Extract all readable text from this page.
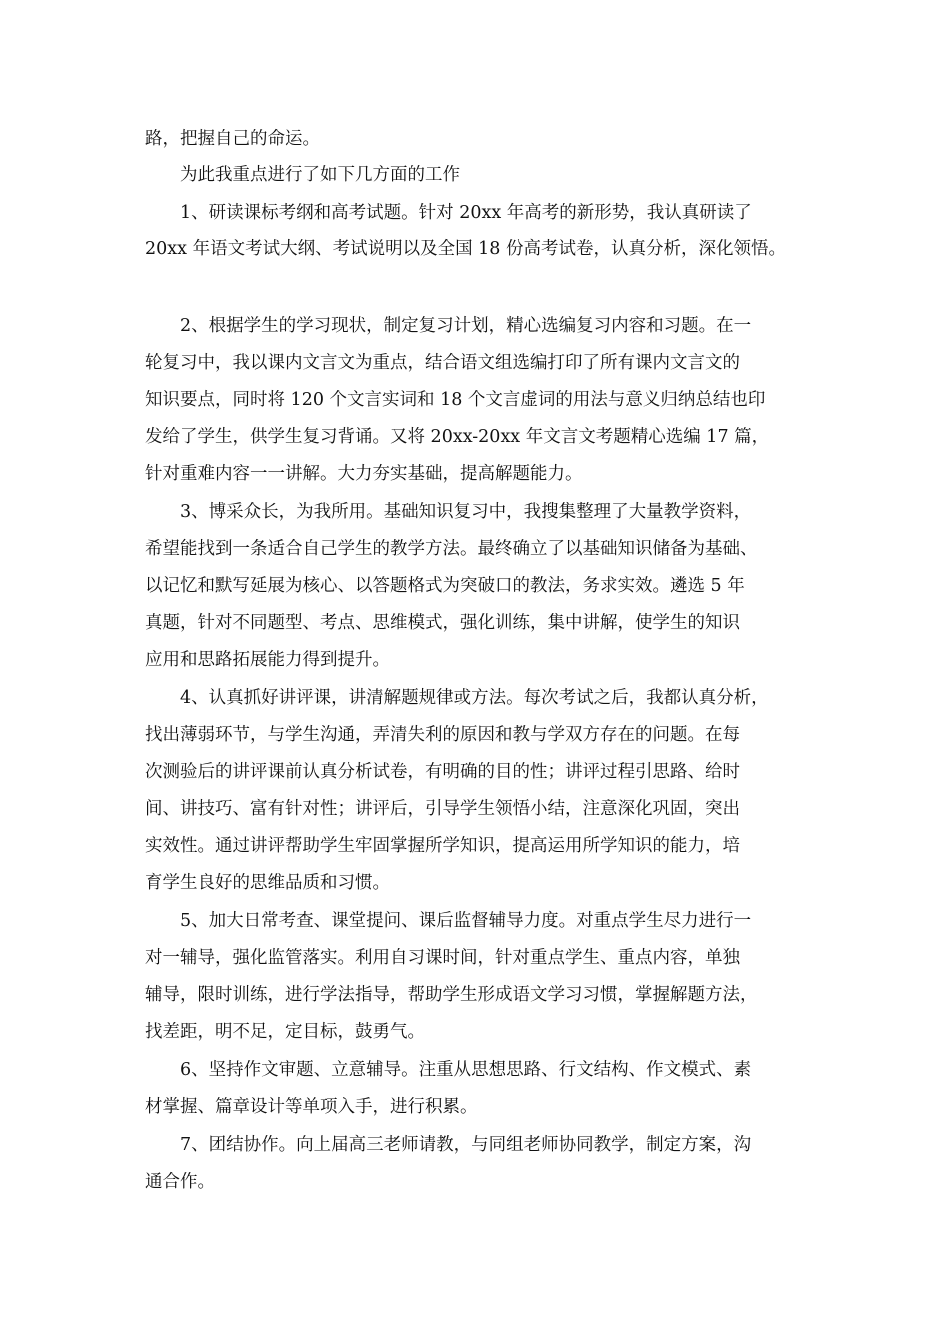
路，把握自己的命运。
为此我重点进行了如下几方面的工作
1、研读课标考纲和高考试题。针对 20xx 年高考的新形势，我认真研读了
20xx 年语文考试大纲、考试说明以及全国 18 份高考试卷，认真分析，深化领悟。
2、根据学生的学习现状，制定复习计划，精心选编复习内容和习题。在一
轮复习中，我以课内文言文为重点，结合语文组选编打印了所有课内文言文的
知识要点，同时将 120 个文言实词和 18 个文言虚词的用法与意义归纳总结也印
发给了学生，供学生复习背诵。又将 20xx-20xx 年文言文考题精心选编 17 篇，
针对重难内容一一讲解。大力夯实基础，提高解题能力。
3、博采众长，为我所用。基础知识复习中，我搜集整理了大量教学资料，
希望能找到一条适合自己学生的教学方法。最终确立了以基础知识储备为基础、
以记忆和默写延展为核心、以答题格式为突破口的教法，务求实效。遴选 5 年
真题，针对不同题型、考点、思维模式，强化训练，集中讲解，使学生的知识
应用和思路拓展能力得到提升。
4、认真抓好讲评课，讲清解题规律或方法。每次考试之后，我都认真分析，
找出薄弱环节，与学生沟通，弄清失利的原因和教与学双方存在的问题。在每
次测验后的讲评课前认真分析试卷，有明确的目的性；讲评过程引思路、给时
间、讲技巧、富有针对性；讲评后，引导学生领悟小结，注意深化巩固，突出
实效性。通过讲评帮助学生牢固掌握所学知识，提高运用所学知识的能力，培
育学生良好的思维品质和习惯。
5、加大日常考查、课堂提问、课后监督辅导力度。对重点学生尽力进行一
对一辅导，强化监管落实。利用自习课时间，针对重点学生、重点内容，单独
辅导，限时训练，进行学法指导，帮助学生形成语文学习习惯，掌握解题方法，
找差距，明不足，定目标，鼓勇气。
6、坚持作文审题、立意辅导。注重从思想思路、行文结构、作文模式、素
材掌握、篇章设计等单项入手，进行积累。
7、团结协作。向上届高三老师请教，与同组老师协同教学，制定方案，沟
通合作。
